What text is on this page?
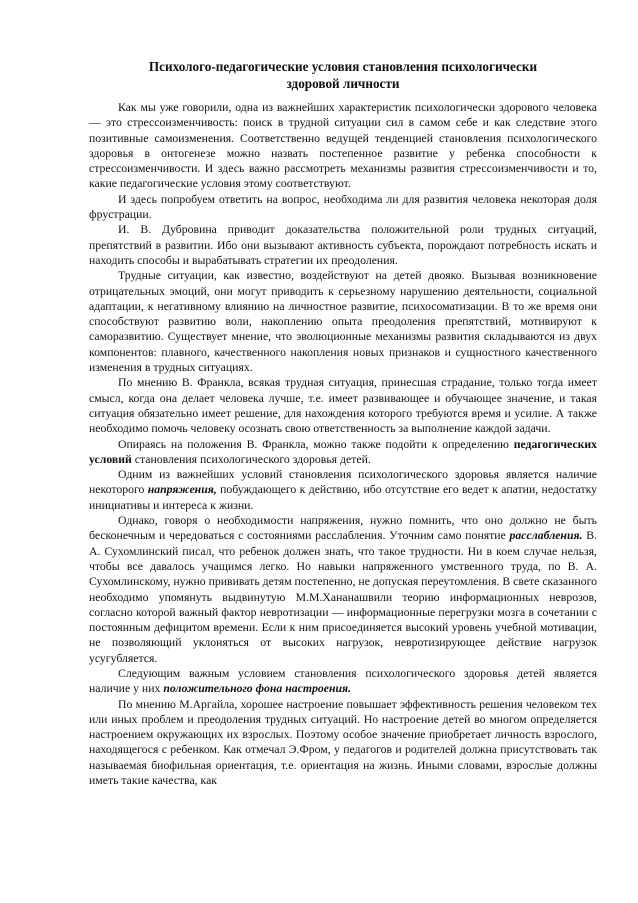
Психолого-педагогические условия становления психологически
здоровой личности

Как мы уже говорили, одна из важнейших характеристик психологически здорового человека — это стрессоизменчивость: поиск в трудной ситуации сил в самом себе и как следствие этого позитивные самоизменения. Соответственно ведущей тенденцией становления психологического здоровья в онтогенезе можно назвать постепенное развитие у ребенка способности к стрессоизменчивости. И здесь важно рассмотреть механизмы развития стрессоизменчивости и то, какие педагогические условия этому соответствуют.

И здесь попробуем ответить на вопрос, необходима ли для развития человека некоторая доля фрустрации.

И. В. Дубровина приводит доказательства положительной роли трудных ситуаций, препятствий в развитии. Ибо они вызывают активность субъекта, порождают потребность искать и находить способы и вырабатывать стратегии их преодоления.

Трудные ситуации, как известно, воздействуют на детей двояко. Вызывая возникновение отрицательных эмоций, они могут приводить к серьезному нарушению деятельности, социальной адаптации, к негативному влиянию на личностное развитие, психосоматизации. В то же время они способствуют развитию воли, накоплению опыта преодоления препятствий, мотивируют к саморазвитию. Существует мнение, что эволюционные механизмы развития складываются из двух компонентов: плавного, качественного накопления новых признаков и сущностного качественного изменения в трудных ситуациях.

По мнению В. Франкла, всякая трудная ситуация, принесшая страдание, только тогда имеет смысл, когда она делает человека лучше, т.е. имеет развивающее и обучающее значение, и такая ситуация обязательно имеет решение, для нахождения которого требуются время и усилие. А также необходимо помочь человеку осознать свою ответственность за выполнение каждой задачи.

Опираясь на положения В. Франкла, можно также подойти к определению педагогических условий становления психологического здоровья детей.

Одним из важнейших условий становления психологического здоровья является наличие некоторого напряжения, побуждающего к действию, ибо отсутствие его ведет к апатии, недостатку инициативы и интереса к жизни.

Однако, говоря о необходимости напряжения, нужно помнить, что оно должно не быть бесконечным и чередоваться с состояниями расслабления. Уточним само понятие расслабления. В. А. Сухомлинский писал, что ребенок должен знать, что такое трудности. Ни в коем случае нельзя, чтобы все давалось учащимся легко. Но навыки напряженного умственного труда, по В. А. Сухомлинскому, нужно прививать детям постепенно, не допуская переутомления. В свете сказанного необходимо упомянуть выдвинутую М.М.Хананашвили теорию информационных неврозов, согласно которой важный фактор невротизации — информационные перегрузки мозга в сочетании с постоянным дефицитом времени. Если к ним присоединяется высокий уровень учебной мотивации, не позволяющий уклоняться от высоких нагрузок, невротизирующее действие нагрузок усугубляется.

Следующим важным условием становления психологического здоровья детей является наличие у них положительного фона настроения.

По мнению М.Аргайла, хорошее настроение повышает эффективность решения человеком тех или иных проблем и преодоления трудных ситуаций. Но настроение детей во многом определяется настроением окружающих их взрослых. Поэтому особое значение приобретает личность взрослого, находящегося с ребенком. Как отмечал Э.Фром, у педагогов и родителей должна присутствовать так называемая биофильная ориентация, т.е. ориентация на жизнь. Иными словами, взрослые должны иметь такие качества, как
